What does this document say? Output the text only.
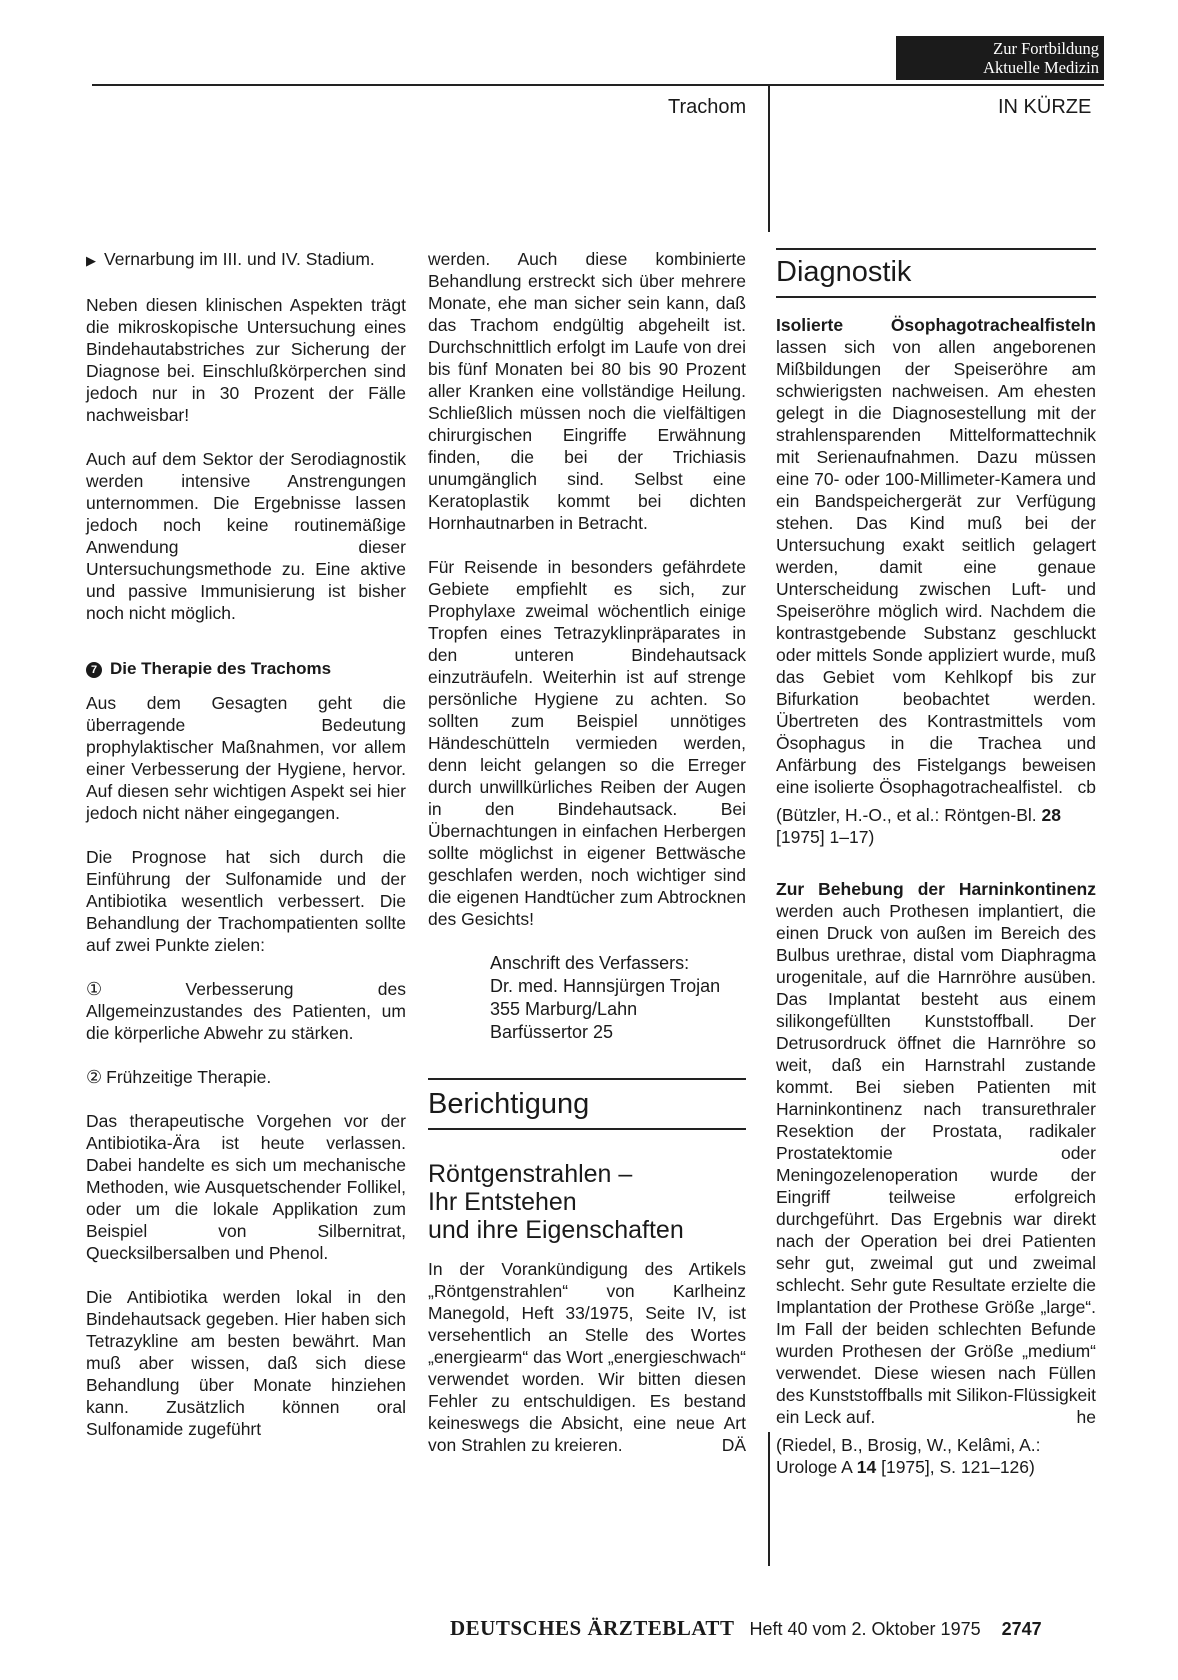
Zur Fortbildung
Aktuelle Medizin
Trachom	IN KÜRZE

▶ Vernarbung im III. und IV. Stadium.

Neben diesen klinischen Aspekten trägt die mikroskopische Untersuchung eines Bindehautabstriches zur Sicherung der Diagnose bei. Einschlußkörperchen sind jedoch nur in 30 Prozent der Fälle nachweisbar!

Auch auf dem Sektor der Serodiagnostik werden intensive Anstrengungen unternommen. Die Ergebnisse lassen jedoch noch keine routinemäßige Anwendung dieser Untersuchungsmethode zu. Eine aktive und passive Immunisierung ist bisher noch nicht möglich.

7 Die Therapie des Trachoms

Aus dem Gesagten geht die überragende Bedeutung prophylaktischer Maßnahmen, vor allem einer Verbesserung der Hygiene, hervor. Auf diesen sehr wichtigen Aspekt sei hier jedoch nicht näher eingegangen.

Die Prognose hat sich durch die Einführung der Sulfonamide und der Antibiotika wesentlich verbessert. Die Behandlung der Trachompatienten sollte auf zwei Punkte zielen:

① Verbesserung des Allgemeinzustandes des Patienten, um die körperliche Abwehr zu stärken.

② Frühzeitige Therapie.

Das therapeutische Vorgehen vor der Antibiotika-Ära ist heute verlassen. Dabei handelte es sich um mechanische Methoden, wie Ausquetschender Follikel, oder um die lokale Applikation zum Beispiel von Silbernitrat, Quecksilbersalben und Phenol.

Die Antibiotika werden lokal in den Bindehautsack gegeben. Hier haben sich Tetrazykline am besten bewährt. Man muß aber wissen, daß sich diese Behandlung über Monate hinziehen kann. Zusätzlich können oral Sulfonamide zugeführt

werden. Auch diese kombinierte Behandlung erstreckt sich über mehrere Monate, ehe man sicher sein kann, daß das Trachom endgültig abgeheilt ist. Durchschnittlich erfolgt im Laufe von drei bis fünf Monaten bei 80 bis 90 Prozent aller Kranken eine vollständige Heilung. Schließlich müssen noch die vielfältigen chirurgischen Eingriffe Erwähnung finden, die bei der Trichiasis unumgänglich sind. Selbst eine Keratoplastik kommt bei dichten Hornhautnarben in Betracht.

Für Reisende in besonders gefährdete Gebiete empfiehlt es sich, zur Prophylaxe zweimal wöchentlich einige Tropfen eines Tetrazyklinpräparates in den unteren Bindehautsack einzuträufeln. Weiterhin ist auf strenge persönliche Hygiene zu achten. So sollten zum Beispiel unnötiges Händeschütteln vermieden werden, denn leicht gelangen so die Erreger durch unwillkürliches Reiben der Augen in den Bindehautsack. Bei Übernachtungen in einfachen Herbergen sollte möglichst in eigener Bettwäsche geschlafen werden, noch wichtiger sind die eigenen Handtücher zum Abtrocknen des Gesichts!

Anschrift des Verfassers:
Dr. med. Hannsjürgen Trojan
355 Marburg/Lahn
Barfüssertor 25
Berichtigung
Röntgenstrahlen –
Ihr Entstehen
und ihre Eigenschaften

In der Vorankündigung des Artikels „Röntgenstrahlen“ von Karlheinz Manegold, Heft 33/1975, Seite IV, ist versehentlich an Stelle des Wortes „energiearm“ das Wort „energieschwach“ verwendet worden. Wir bitten diesen Fehler zu entschuldigen. Es bestand keineswegs die Absicht, eine neue Art von Strahlen zu kreieren.	DÄ

Diagnostik

Isolierte Ösophagotrachealfisteln lassen sich von allen angeborenen Mißbildungen der Speiseröhre am schwierigsten nachweisen. Am ehesten gelegt in die Diagnosestellung mit der strahlensparenden Mittelformattechnik mit Serienaufnahmen. Dazu müssen eine 70- oder 100-Millimeter-Kamera und ein Bandspeichergerät zur Verfügung stehen. Das Kind muß bei der Untersuchung exakt seitlich gelagert werden, damit eine genaue Unterscheidung zwischen Luft- und Speiseröhre möglich wird. Nachdem die kontrastgebende Substanz geschluckt oder mittels Sonde appliziert wurde, muß das Gebiet vom Kehlkopf bis zur Bifurkation beobachtet werden. Übertreten des Kontrastmittels vom Ösophagus in die Trachea und Anfärbung des Fistelgangs beweisen eine isolierte Ösophagotrachealfistel. cb

(Bützler, H.-O., et al.: Röntgen-Bl. 28 [1975] 1–17)

Zur Behebung der Harninkontinenz werden auch Prothesen implantiert, die einen Druck von außen im Bereich des Bulbus urethrae, distal vom Diaphragma urogenitale, auf die Harnröhre ausüben. Das Implantat besteht aus einem silikongefüllten Kunststoffball. Der Detrusordruck öffnet die Harnröhre so weit, daß ein Harnstrahl zustande kommt. Bei sieben Patienten mit Harninkontinenz nach transurethraler Resektion der Prostata, radikaler Prostatektomie oder Meningozelenoperation wurde der Eingriff teilweise erfolgreich durchgeführt. Das Ergebnis war direkt nach der Operation bei drei Patienten sehr gut, zweimal gut und zweimal schlecht. Sehr gute Resultate erzielte die Implantation der Prothese Größe „large“. Im Fall der beiden schlechten Befunde wurden Prothesen der Größe „medium“ verwendet. Diese wiesen nach Füllen des Kunststoffballs mit Silikon-Flüssigkeit ein Leck auf.	he

(Riedel, B., Brosig, W., Kelâmi, A.: Urologe A 14 [1975], S. 121–126)

DEUTSCHES ÄRZTEBLATT Heft 40 vom 2. Oktober 1975 2747
